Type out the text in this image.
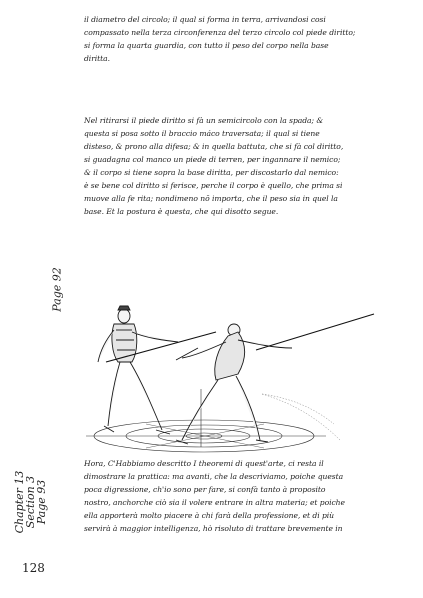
il diametro del circolo; il qual si forma in terra, arrivandosi cosi
compassato nella terza circonferenza del terzo circolo col piede diritto;
si forma la quarta guardia, con tutto il peso del corpo nella base
diritta.
Nel ritirarsi il piede diritto si fà un semicircolo con la spada; &
questa si posa sotto il braccio máco traversata; il qual si tiene
disteso, & prono alla difesa; & in quella battuta, che si fà col diritto,
si guadagna col manco un piede di terren, per ingannare il nemico;
& il corpo si tiene sopra la base diritta, per discostarlo dal nemico:
è se bene col diritto si ferisce, perche il corpo è quello, che prima si
muove alla fe rita; nondimeno nō importa, che il peso sia in quel la
base. Et la postura è questa, che qui disotto segue.
Page 92
Hora, C'Habbiamo descritto I theoremi di quest'arte, ci resta il
dimostrare la prattica: ma avanti, che la descriviamo, poiche questa
poca digressione, ch'io sono per fare, si confà tanto à proposito
nostro, anchorche ciò sia il volere entrare in altra materia; et poiche
ella apporterà molto piacere à chi farà della professione, et di più
servirà à maggior intelligenza, hò risoluto di trattare brevemente in
Chapter 13
Section 3
Page 93
128
